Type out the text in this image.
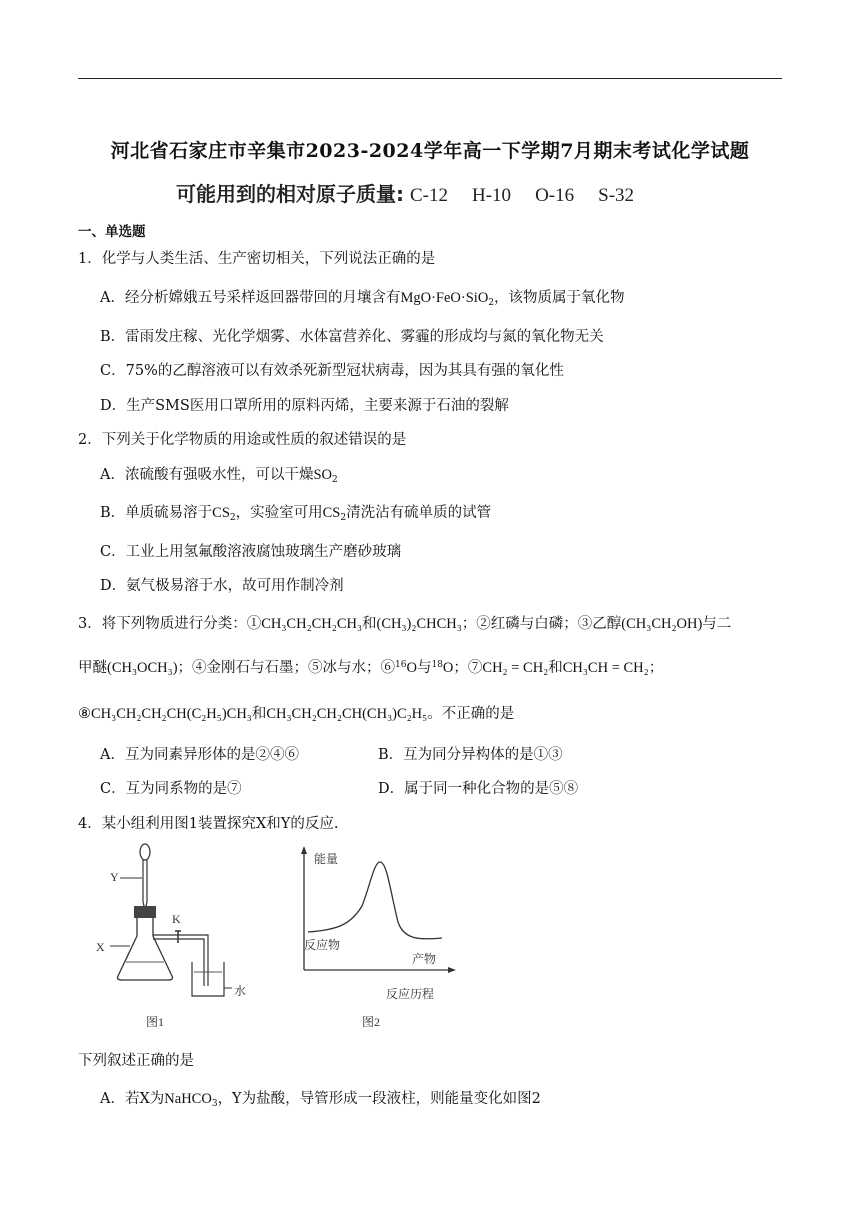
河北省石家庄市辛集市2023-2024学年高一下学期7月期末考试化学试题
可能用到的相对原子质量: C-12 H-10 O-16 S-32
一、单选题
1．化学与人类生活、生产密切相关，下列说法正确的是
A．经分析嫦娥五号采样返回器带回的月壤含有MgO·FeO·SiO$_2$，该物质属于氧化物
B．雷雨发庄稼、光化学烟雾、水体富营养化、雾霾的形成均与氮的氧化物无关
C．75%的乙醇溶液可以有效杀死新型冠状病毒，因为其具有强的氧化性
D．生产SMS医用口罩所用的原料丙烯，主要来源于石油的裂解
2．下列关于化学物质的用途或性质的叙述错误的是
A．浓硫酸有强吸水性，可以干燥$SO_2$
B．单质硫易溶于$CS_2$，实验室可用$CS_2$清洗沾有硫单质的试管
C．工业上用氢氟酸溶液腐蚀玻璃生产磨砂玻璃
D．氨气极易溶于水，故可用作制冷剂
3．将下列物质进行分类：①CH₃CH₂CH₂CH₃和(CH₃)₂CHCH₃；②红磷与白磷；③乙醇(CH₃CH₂OH)与二
甲醚(CH₃OCH₃)；④金刚石与石墨；⑤冰与水；⑥$^{16}$O与$^{18}$O；⑦CH₂ = CH₂和CH₃CH = CH₂；
⑧CH₃CH₂CH₂CH(C₂H₅)CH₃和CH₃CH₂CH₂CH(CH₃)C₂H₅。不正确的是
A．互为同素异形体的是②④⑥	B．互为同分异构体的是①③
C．互为同系物的是⑦	D．属于同一种化合物的是⑤⑧
4．某小组利用图1装置探究X和Y的反应.
Y
X
K
水
图1
能量
反应物
产物
反应历程
图2
下列叙述正确的是
A．若X为NaHCO$_3$，Y为盐酸，导管形成一段液柱，则能量变化如图2
